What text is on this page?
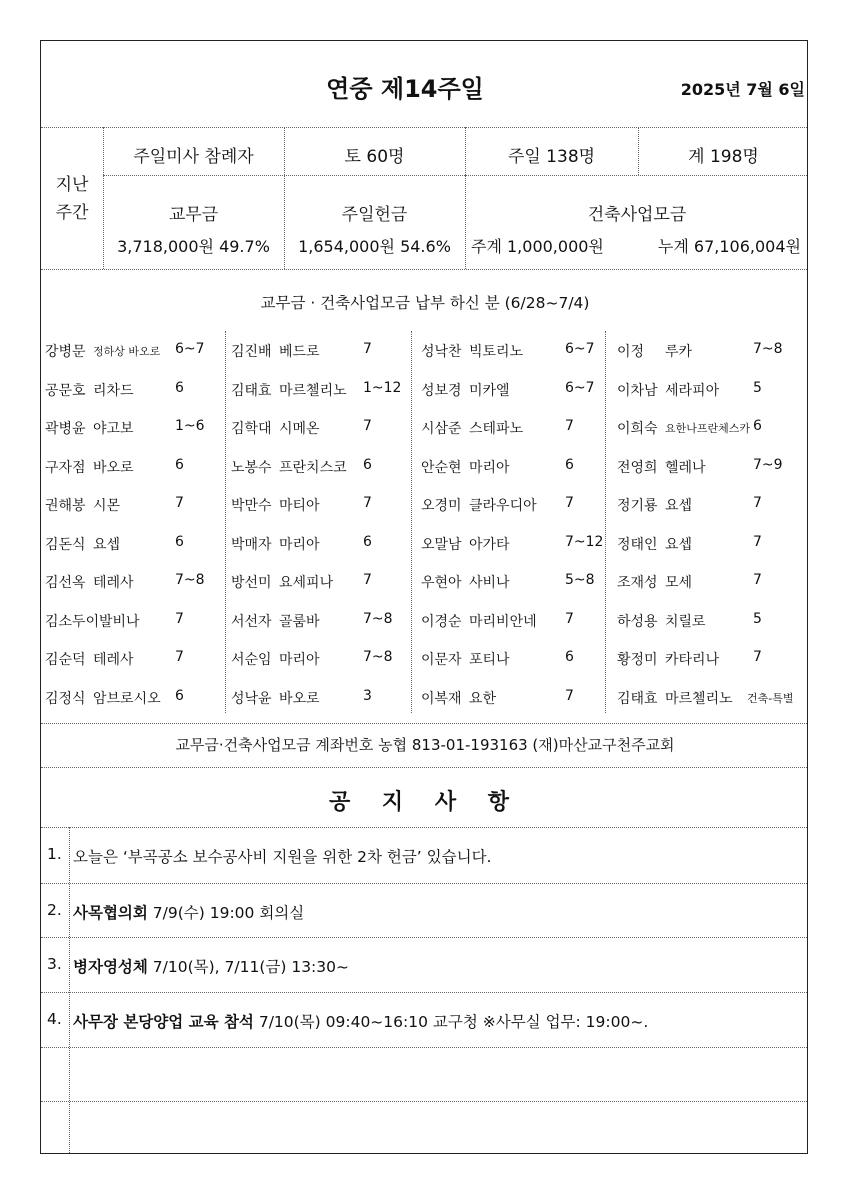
연중 제14주일	2025년 7월 6일
지난
주간
주일미사 참례자	토 60명	주일 138명	계 198명
교무금
3,718,000원 49.7%
주일헌금
1,654,000원 54.6%
건축사업모금
주계 1,000,000원	누계 67,106,004원
교무금 · 건축사업모금 납부 하신 분 (6/28~7/4)
강병문 정하상 바오로 6~7
공문호 리차드	6
곽병윤 야고보	1~6
구자점 바오로	6
권해봉 시몬	7
김돈식 요셉	6
김선옥 테레사	7~8
김소두이 발비나	7
김순덕 테레사	7
김정식 암브로시오 6
김진배 베드로	7
김태효 마르첼리노 1~12
김학대 시메온	7
노봉수 프란치스코 6
박만수 마티아	7
박매자 마리아	6
방선미 요세피나 7
서선자 골룸바	7~8
서순임 마리아	7~8
성낙윤 바오로	3
성낙찬 빅토리노	6~7
성보경 미카엘	6~7
시삼준 스테파노	7
안순현 마리아	6
오경미 클라우디아 7
오말남 아가타	7~12
우현아 사비나	5~8
이경순 마리비안네 7
이문자 포티나	6
이복재 요한	7
이정 루카	7~8
이차남 세라피아 5
이희숙 요한나프란체스카 6
전영희 헬레나	7~9
정기룡 요셉	7
정태인 요셉	7
조재성 모세	7
하성용 치릴로	5
황정미 카타리나 7
김태효 마르첼리노 건축-특별
교무금·건축사업모금 계좌번호 농협 813-01-193163 (재)마산교구천주교회
공 지 사 항
1. 오늘은 ‘부곡공소 보수공사비 지원을 위한 2차 헌금’ 있습니다.
2. 사목협의회 7/9(수) 19:00 회의실
3. 병자영성체 7/10(목), 7/11(금) 13:30~
4. 사무장 본당양업 교육 참석 7/10(목) 09:40~16:10 교구청 ※사무실 업무: 19:00~.
